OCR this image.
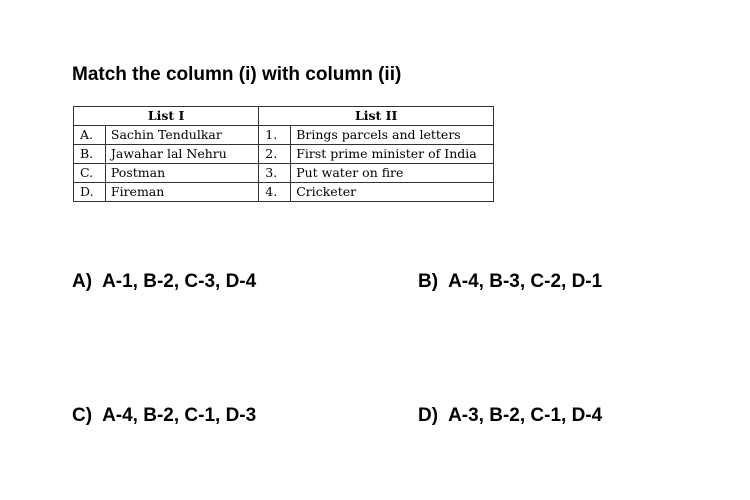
Match the column (i) with column (ii)
List I		List II	
A.	Sachin Tendulkar	1.	Brings parcels and letters
B.	Jawahar lal Nehru	2.	First prime minister of India
C.	Postman	3.	Put water on fire
D.	Fireman	4.	Cricketer
A) A-1, B-2, C-3, D-4	B) A-4, B-3, C-2, D-1
C) A-4, B-2, C-1, D-3	D) A-3, B-2, C-1, D-4
